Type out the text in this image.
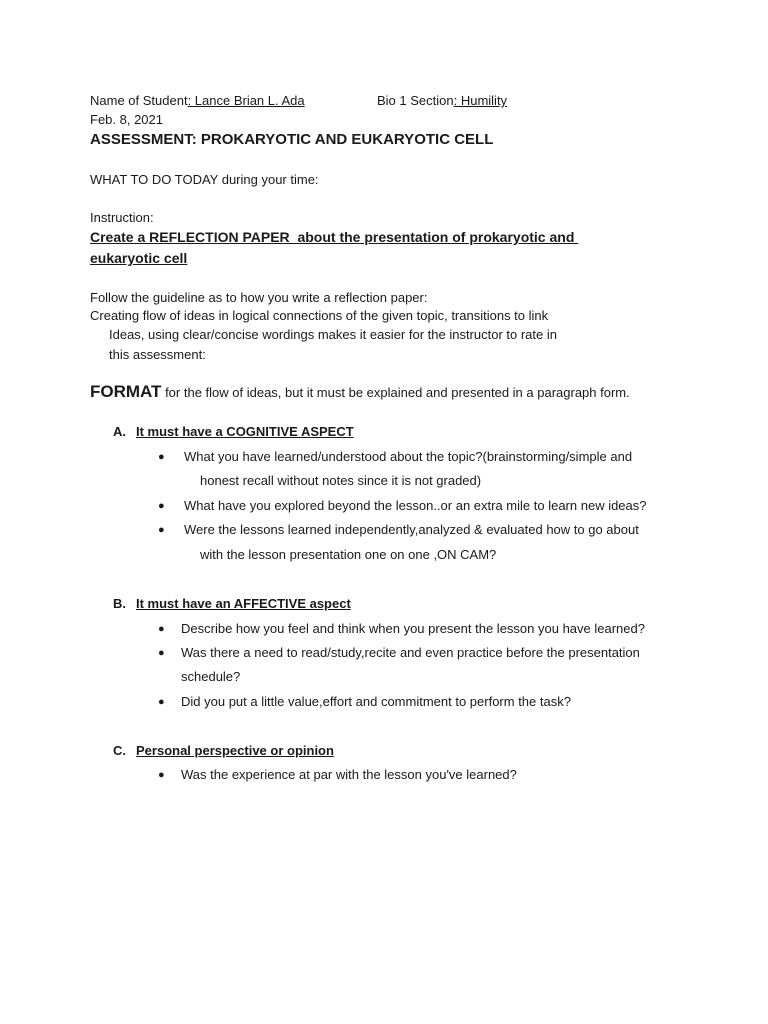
Name of Student: Lance Brian L. Ada	Bio 1 Section: Humility
Feb. 8, 2021
ASSESSMENT: PROKARYOTIC AND EUKARYOTIC CELL
WHAT TO DO TODAY during your time:
Instruction:
Create a REFLECTION PAPER  about the presentation of prokaryotic and
eukaryotic cell
Follow the guideline as to how you write a reflection paper:
Creating flow of ideas in logical connections of the given topic, transitions to link
Ideas, using clear/concise wordings makes it easier for the instructor to rate in
this assessment:
FORMAT for the flow of ideas, but it must be explained and presented in a paragraph form.
A. It must have a COGNITIVE ASPECT
● What you have learned/understood about the topic?(brainstorming/simple and
honest recall without notes since it is not graded)
● What have you explored beyond the lesson..or an extra mile to learn new ideas?
● Were the lessons learned independently,analyzed & evaluated how to go about
with the lesson presentation one on one ,ON CAM?
B. It must have an AFFECTIVE aspect
● Describe how you feel and think when you present the lesson you have learned?
● Was there a need to read/study,recite and even practice before the presentation
schedule?
● Did you put a little value,effort and commitment to perform the task?
C. Personal perspective or opinion
● Was the experience at par with the lesson you've learned?
